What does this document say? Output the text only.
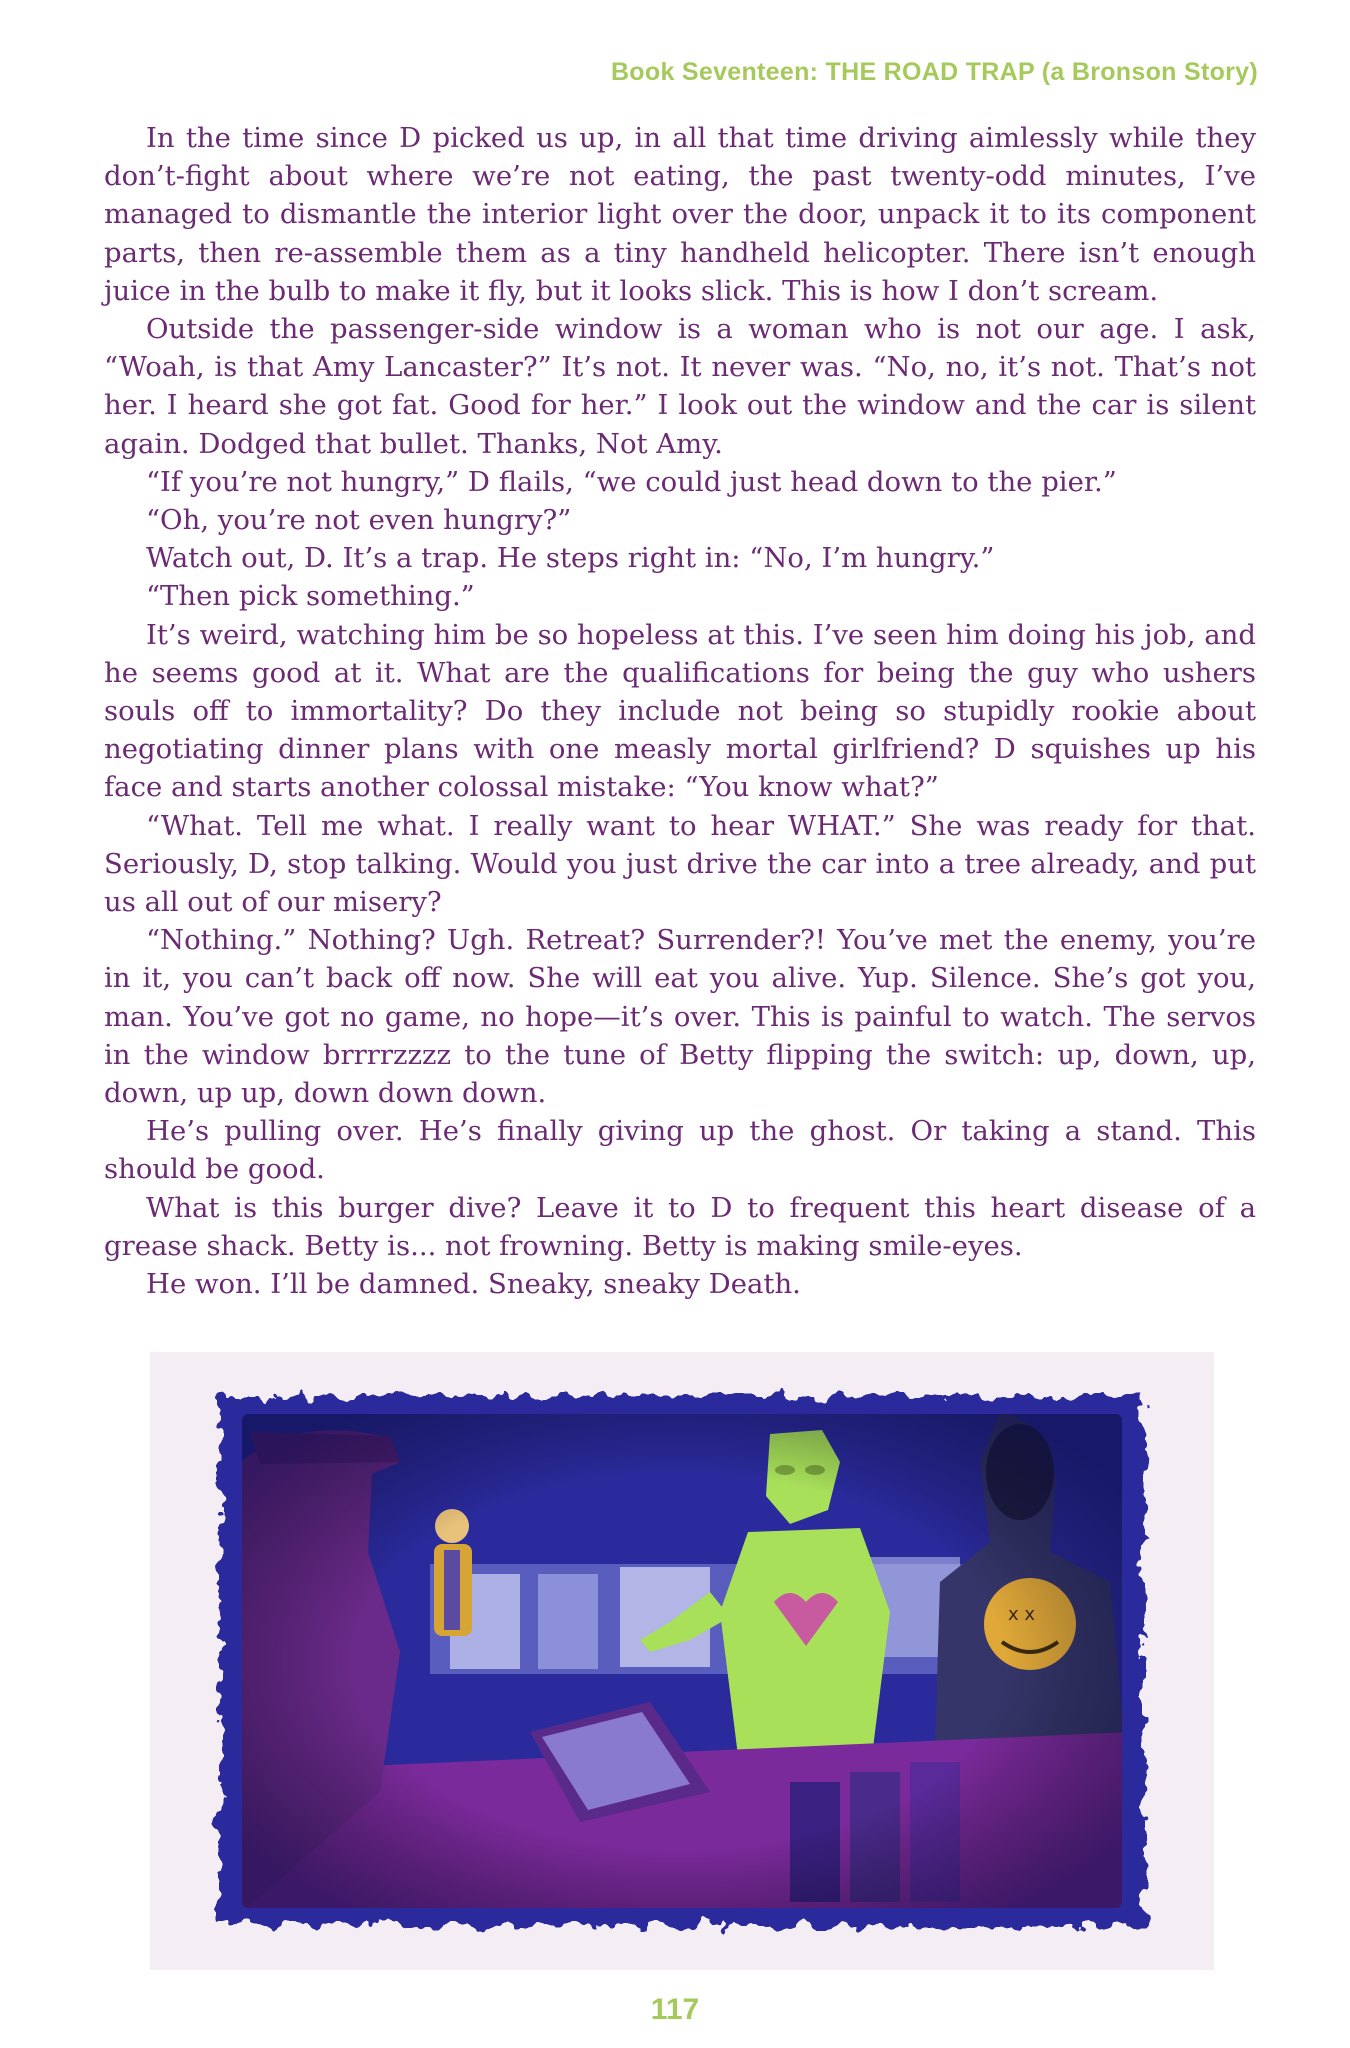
Book Seventeen: THE ROAD TRAP (a Bronson Story)

In the time since D picked us up, in all that time driving aimlessly while they don’t-fight about where we’re not eating, the past twenty-odd minutes, I’ve managed to dismantle the interior light over the door, unpack it to its component parts, then re-assemble them as a tiny handheld helicopter. There isn’t enough juice in the bulb to make it fly, but it looks slick. This is how I don’t scream.

Outside the passenger-side window is a woman who is not our age. I ask, “Woah, is that Amy Lancaster?” It’s not. It never was. “No, no, it’s not. That’s not her. I heard she got fat. Good for her.” I look out the window and the car is silent again. Dodged that bullet. Thanks, Not Amy.

“If you’re not hungry,” D flails, “we could just head down to the pier.”

“Oh, you’re not even hungry?”

Watch out, D. It’s a trap. He steps right in: “No, I’m hungry.”

“Then pick something.”

It’s weird, watching him be so hopeless at this. I’ve seen him doing his job, and he seems good at it. What are the qualifications for being the guy who ushers souls off to immortality? Do they include not being so stupidly rookie about negotiating dinner plans with one measly mortal girlfriend? D squishes up his face and starts another colossal mistake: “You know what?”

“What. Tell me what. I really want to hear WHAT.” She was ready for that. Seriously, D, stop talking. Would you just drive the car into a tree already, and put us all out of our misery?

“Nothing.” Nothing? Ugh. Retreat? Surrender?! You’ve met the enemy, you’re in it, you can’t back off now. She will eat you alive. Yup. Silence. She’s got you, man. You’ve got no game, no hope—it’s over. This is painful to watch. The servos in the window brrrrzzzz to the tune of Betty flipping the switch: up, down, up, down, up up, down down down.

He’s pulling over. He’s finally giving up the ghost. Or taking a stand. This should be good.

What is this burger dive? Leave it to D to frequent this heart disease of a grease shack. Betty is... not frowning. Betty is making smile-eyes.

He won. I’ll be damned. Sneaky, sneaky Death.

117
